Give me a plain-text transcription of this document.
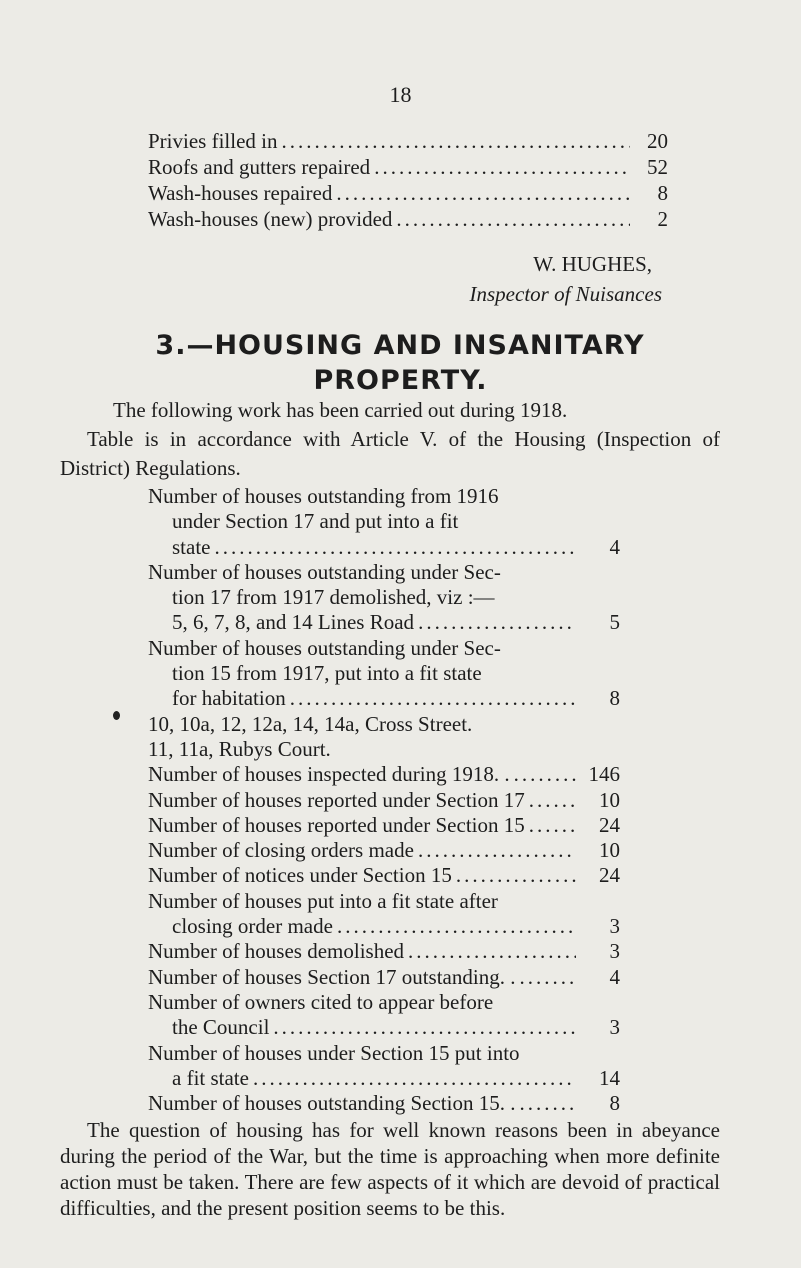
18
Privies filled in .....	20
Roofs and gutters repaired .....	52
Wash-houses repaired .....	8
Wash-houses (new) provided .....	2
W. HUGHES,
Inspector of Nuisances
3.—HOUSING AND INSANITARY
PROPERTY.
The following work has been carried out during 1918.
Table is in accordance with Article V. of the Housing (Inspection of District) Regulations.
Number of houses outstanding from 1916
under Section 17 and put into a fit
state .....	4
Number of houses outstanding under Sec-
tion 17 from 1917 demolished, viz :—
5, 6, 7, 8, and 14 Lines Road .....	5
Number of houses outstanding under Sec-
tion 15 from 1917, put into a fit state
for habitation .....	8
10, 10a, 12, 12a, 14, 14a, Cross Street.
11, 11a, Rubys Court.
Number of houses inspected during 1918. . .....	146
Number of houses reported under Section 17 .....	10
Number of houses reported under Section 15 .....	24
Number of closing orders made .....	10
Number of notices under Section 15 .....	24
Number of houses put into a fit state after
closing order made .....	3
Number of houses demolished .....	3
Number of houses Section 17 outstanding. . .....	4
Number of owners cited to appear before
the Council .....	3
Number of houses under Section 15 put into
a fit state .....	14
Number of houses outstanding Section 15. . .....	8
The question of housing has for well known reasons been in abeyance during the period of the War, but the time is approaching when more definite action must be taken. There are few aspects of it which are devoid of practical difficulties, and the present position seems to be this.
